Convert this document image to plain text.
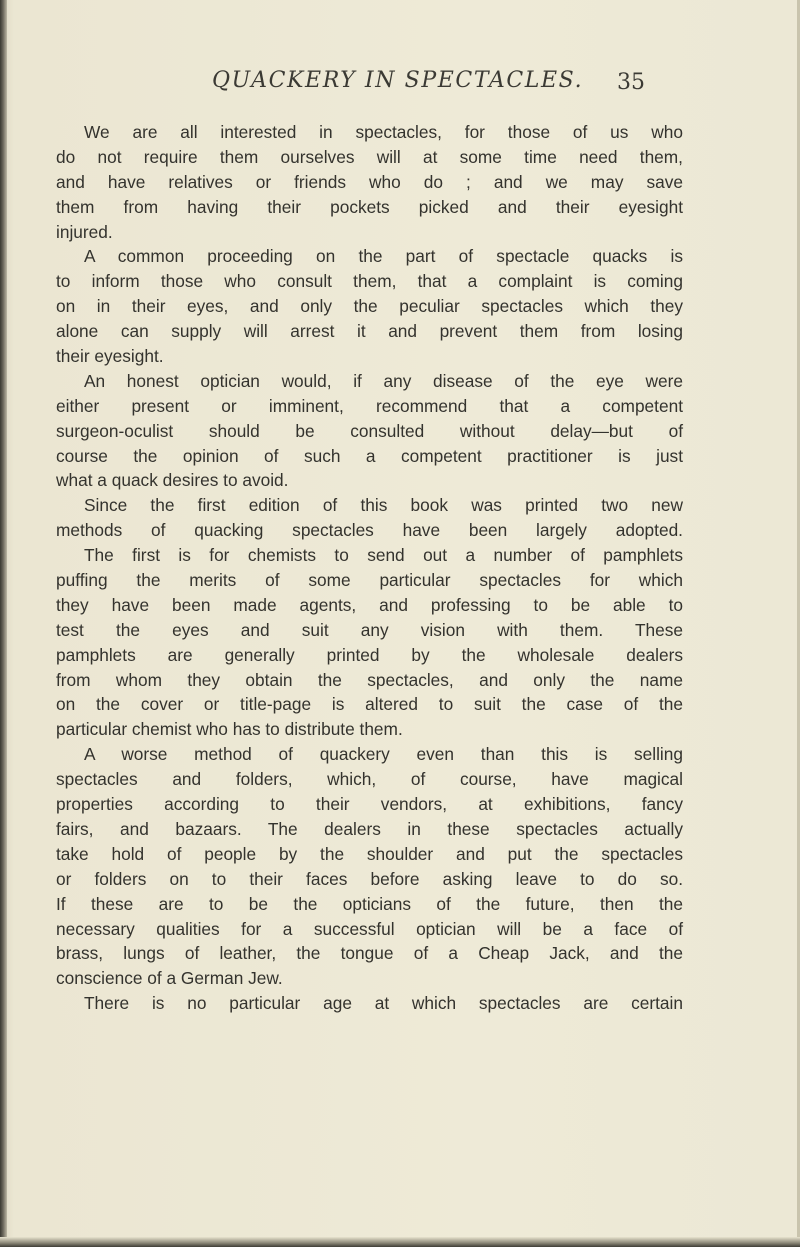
QUACKERY IN SPECTACLES. 35
We are all interested in spectacles, for those of us who
do not require them ourselves will at some time need them,
and have relatives or friends who do ; and we may save
them from having their pockets picked and their eyesight
injured.
A common proceeding on the part of spectacle quacks is
to inform those who consult them, that a complaint is coming
on in their eyes, and only the peculiar spectacles which they
alone can supply will arrest it and prevent them from losing
their eyesight.
An honest optician would, if any disease of the eye were
either present or imminent, recommend that a competent
surgeon-oculist should be consulted without delay—but of
course the opinion of such a competent practitioner is just
what a quack desires to avoid.
Since the first edition of this book was printed two new
methods of quacking spectacles have been largely adopted.
The first is for chemists to send out a number of pamphlets
puffing the merits of some particular spectacles for which
they have been made agents, and professing to be able to
test the eyes and suit any vision with them. These
pamphlets are generally printed by the wholesale dealers
from whom they obtain the spectacles, and only the name
on the cover or title-page is altered to suit the case of the
particular chemist who has to distribute them.
A worse method of quackery even than this is selling
spectacles and folders, which, of course, have magical
properties according to their vendors, at exhibitions, fancy
fairs, and bazaars. The dealers in these spectacles actually
take hold of people by the shoulder and put the spectacles
or folders on to their faces before asking leave to do so.
If these are to be the opticians of the future, then the
necessary qualities for a successful optician will be a face of
brass, lungs of leather, the tongue of a Cheap Jack, and the
conscience of a German Jew.
There is no particular age at which spectacles are certain
